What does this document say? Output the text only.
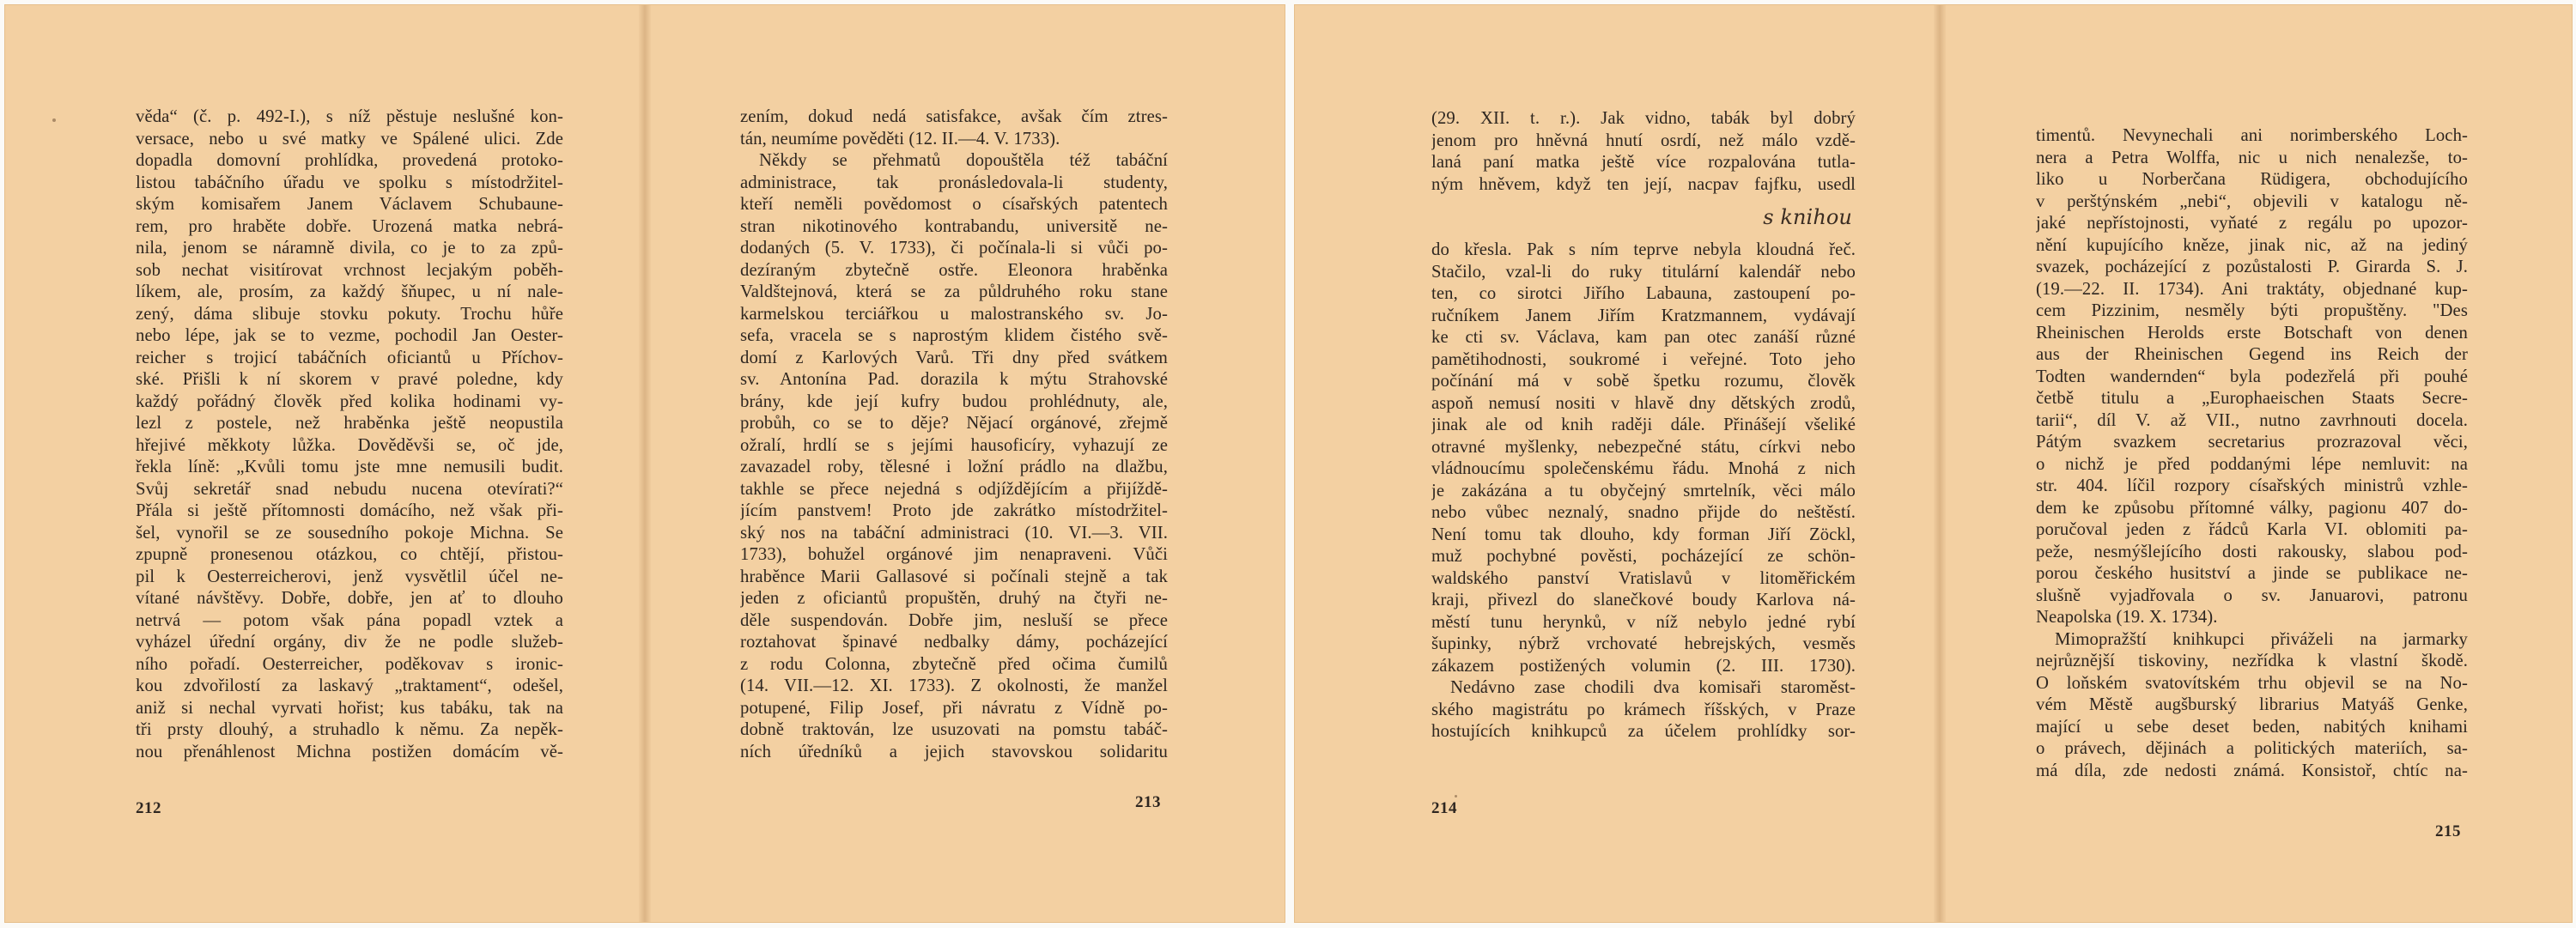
věda“ (č. p. 492-I.), s níž pěstuje neslušné kon-
versace, nebo u své matky ve Spálené ulici. Zde
dopadla domovní prohlídka, provedená protoko-
listou tabáčního úřadu ve spolku s místodržitel-
ským komisařem Janem Václavem Schubaune-
rem, pro hraběte dobře. Urozená matka nebrá-
nila, jenom se náramně divila, co je to za způ-
sob nechat visitírovat vrchnost lecjakým poběh-
líkem, ale, prosím, za každý šňupec, u ní nale-
zený, dáma slibuje stovku pokuty. Trochu hůře
nebo lépe, jak se to vezme, pochodil Jan Oester-
reicher s trojicí tabáčních oficiantů u Příchov-
ské. Přišli k ní skorem v pravé poledne, kdy
každý pořádný člověk před kolika hodinami vy-
lezl z postele, než hraběnka ještě neopustila
hřejivé měkkoty lůžka. Dověděvši se, oč jde,
řekla líně: „Kvůli tomu jste mne nemusili budit.
Svůj sekretář snad nebudu nucena otevírati?“
Přála si ještě přítomnosti domácího, než však při-
šel, vynořil se ze sousedního pokoje Michna. Se
zpupně pronesenou otázkou, co chtějí, přistou-
pil k Oesterreicherovi, jenž vysvětlil účel ne-
vítané návštěvy. Dobře, dobře, jen ať to dlouho
netrvá — potom však pána popadl vztek a
vyházel úřední orgány, div že ne podle služeb-
ního pořadí. Oesterreicher, poděkovav s ironic-
kou zdvořilostí za laskavý „traktament“, odešel,
aniž si nechal vyrvati hořist; kus tabáku, tak na
tři prsty dlouhý, a struhadlo k němu. Za nepěk-
nou přenáhlenost Michna postižen domácím vě-
212
zením, dokud nedá satisfakce, avšak čím ztres-
tán, neumíme pověděti (12. II.—4. V. 1733).
Někdy se přehmatů dopouštěla též tabáční
administrace, tak pronásledovala-li studenty,
kteří neměli povědomost o císařských patentech
stran nikotinového kontrabandu, universitě ne-
dodaných (5. V. 1733), či počínala-li si vůči po-
dezíraným zbytečně ostře. Eleonora hraběnka
Valdštejnová, která se za půldruhého roku stane
karmelskou terciářkou u malostranského sv. Jo-
sefa, vracela se s naprostým klidem čistého svě-
domí z Karlových Varů. Tři dny před svátkem
sv. Antonína Pad. dorazila k mýtu Strahovské
brány, kde její kufry budou prohlédnuty, ale,
probůh, co se to děje? Nějací orgánové, zřejmě
ožralí, hrdlí se s jejími hausoficíry, vyhazují ze
zavazadel roby, tělesné i ložní prádlo na dlažbu,
takhle se přece nejedná s odjíždějícím a přijíždě-
jícím panstvem! Proto jde zakrátko místodržitel-
ský nos na tabáční administraci (10. VI.—3. VII.
1733), bohužel orgánové jim nenapraveni. Vůči
hraběnce Marii Gallasové si počínali stejně a tak
jeden z oficiantů propuštěn, druhý na čtyři ne-
děle suspendován. Dobře jim, nesluší se přece
roztahovat špinavé nedbalky dámy, pocházející
z rodu Colonna, zbytečně před očima čumilů
(14. VII.—12. XI. 1733). Z okolnosti, že manžel
potupené, Filip Josef, při návratu z Vídně po-
dobně traktován, lze usuzovati na pomstu tabáč-
ních úředníků a jejich stavovskou solidaritu
213
(29. XII. t. r.). Jak vidno, tabák byl dobrý
jenom pro hněvná hnutí osrdí, než málo vzdě-
laná paní matka ještě více rozpalována tutla-
ným hněvem, když ten její, nacpav fajfku, usedl
s knihou
do křesla. Pak s ním teprve nebyla kloudná řeč.
Stačilo, vzal-li do ruky titulární kalendář nebo
ten, co sirotci Jiřího Labauna, zastoupení po-
ručníkem Janem Jiřím Kratzmannem, vydávají
ke cti sv. Václava, kam pan otec zanáší různé
pamětihodnosti, soukromé i veřejné. Toto jeho
počínání má v sobě špetku rozumu, člověk
aspoň nemusí nositi v hlavě dny dětských zrodů,
jinak ale od knih raději dále. Přinášejí všeliké
otravné myšlenky, nebezpečné státu, církvi nebo
vládnoucímu společenskému řádu. Mnohá z nich
je zakázána a tu obyčejný smrtelník, věci málo
nebo vůbec neznalý, snadno přijde do neštěstí.
Není tomu tak dlouho, kdy forman Jiří Zöckl,
muž pochybné pověsti, pocházející ze schön-
waldského panství Vratislavů v litoměřickém
kraji, přivezl do slanečkové boudy Karlova ná-
městí tunu herynků, v níž nebylo jedné rybí
šupinky, nýbrž vrchovaté hebrejských, vesměs
zákazem postižených volumin (2. III. 1730).
Nedávno zase chodili dva komisaři staroměst-
ského magistrátu po krámech říšských, v Praze
hostujících knihkupců za účelem prohlídky sor-
214
timentů. Nevynechali ani norimberského Loch-
nera a Petra Wolffa, nic u nich nenalezše, to-
liko u Norberčana Rüdigera, obchodujícího
v perštýnském „nebi“, objevili v katalogu ně-
jaké nepřístojnosti, vyňaté z regálu po upozor-
nění kupujícího kněze, jinak nic, až na jediný
svazek, pocházející z pozůstalosti P. Girarda S. J.
(19.—22. II. 1734). Ani traktáty, objednané kup-
cem Pizzinim, nesměly býti propuštěny. "Des
Rheinischen Herolds erste Botschaft von denen
aus der Rheinischen Gegend ins Reich der
Todten wandernden“ byla podezřelá při pouhé
četbě titulu a „Europhaeischen Staats Secre-
tarii“, díl V. až VII., nutno zavrhnouti docela.
Pátým svazkem secretarius prozrazoval věci,
o nichž je před poddanými lépe nemluvit: na
str. 404. líčil rozpory císařských ministrů vzhle-
dem ke způsobu přítomné války, pagionu 407 do-
poručoval jeden z řádců Karla VI. oblomiti pa-
peže, nesmýšlejícího dosti rakousky, slabou pod-
porou českého husitství a jinde se publikace ne-
slušně vyjadřovala o sv. Januarovi, patronu
Neapolska (19. X. 1734).
Mimopražští knihkupci přiváželi na jarmarky
nejrůznější tiskoviny, nezřídka k vlastní škodě.
O loňském svatovítském trhu objevil se na No-
vém Městě augšburský librarius Matyáš Genke,
mající u sebe deset beden, nabitých knihami
o právech, dějinách a politických materiích, sa-
má díla, zde nedosti známá. Konsistoř, chtíc na-
215
